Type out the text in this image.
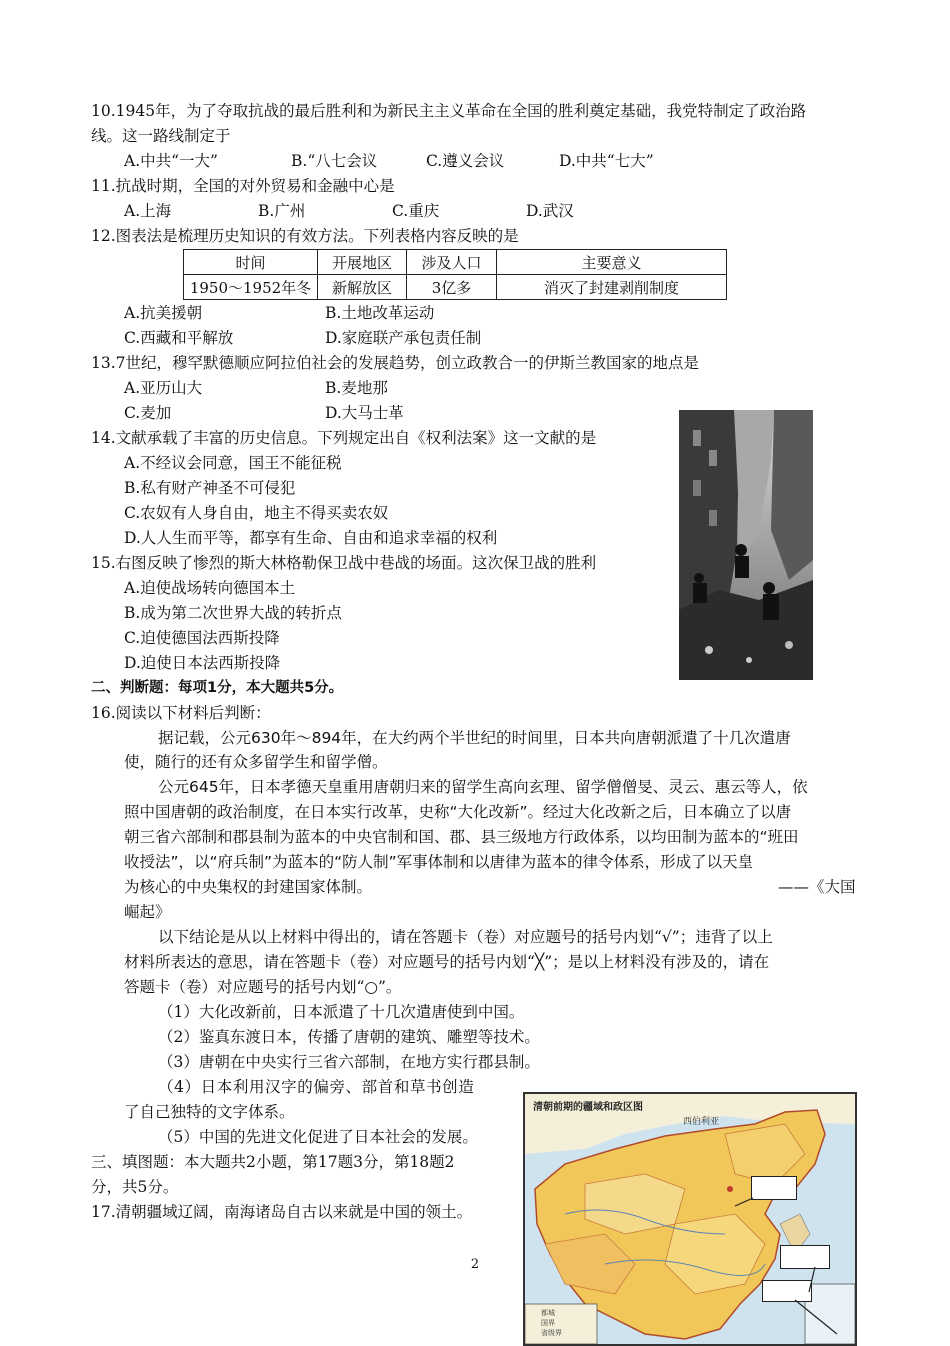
10.1945年，为了夺取抗战的最后胜利和为新民主主义革命在全国的胜利奠定基础，我党特制定了政治路
线。这一路线制定于
A.中共“一大”	B.“八七会议	C.遵义会议	D.中共“七大”
11.抗战时期，全国的对外贸易和金融中心是
A.上海	B.广州	C.重庆	D.武汉
12.图表法是梳理历史知识的有效方法。下列表格内容反映的是
时间	开展地区	涉及人口	主要意义
1950～1952年冬	新解放区	3亿多	消灭了封建剥削制度
A.抗美援朝	B.土地改革运动
C.西藏和平解放	D.家庭联产承包责任制
13.7世纪，穆罕默德顺应阿拉伯社会的发展趋势，创立政教合一的伊斯兰教国家的地点是
A.亚历山大	B.麦地那
C.麦加	D.大马士革
14.文献承载了丰富的历史信息。下列规定出自《权利法案》这一文献的是
A.不经议会同意，国王不能征税
B.私有财产神圣不可侵犯
C.农奴有人身自由，地主不得买卖农奴
D.人人生而平等，都享有生命、自由和追求幸福的权利
15.右图反映了惨烈的斯大林格勒保卫战中巷战的场面。这次保卫战的胜利
A.迫使战场转向德国本土
B.成为第二次世界大战的转折点
C.迫使德国法西斯投降
D.迫使日本法西斯投降
二、判断题：每项1分，本大题共5分。
16.阅读以下材料后判断：
据记载，公元630年～894年，在大约两个半世纪的时间里，日本共向唐朝派遣了十几次遣唐
使，随行的还有众多留学生和留学僧。
公元645年，日本孝德天皇重用唐朝归来的留学生高向玄理、留学僧僧旻、灵云、惠云等人，依
照中国唐朝的政治制度，在日本实行改革，史称“大化改新”。经过大化改新之后，日本确立了以唐
朝三省六部制和郡县制为蓝本的中央官制和国、郡、县三级地方行政体系，以均田制为蓝本的“班田
收授法”，以“府兵制”为蓝本的“防人制”军事体制和以唐律为蓝本的律令体系，形成了以天皇
为核心的中央集权的封建国家体制。	——《大国
崛起》
以下结论是从以上材料中得出的，请在答题卡（卷）对应题号的括号内划“√”；违背了以上
材料所表达的意思，请在答题卡（卷）对应题号的括号内划“╳”；是以上材料没有涉及的，请在
答题卡（卷）对应题号的括号内划“○”。
（1）大化改新前，日本派遣了十几次遣唐使到中国。
（2）鉴真东渡日本，传播了唐朝的建筑、雕塑等技术。
（3）唐朝在中央实行三省六部制，在地方实行郡县制。
（4）日本利用汉字的偏旁、部首和草书创造
了自己独特的文字体系。
（5）中国的先进文化促进了日本社会的发展。
三、填图题：本大题共2小题，第17题3分，第18题2
分，共5分。
17.清朝疆域辽阔，南海诸岛自古以来就是中国的领土。
清朝前期的疆域和政区图
西伯利亚
都城
国界
省级界
2
